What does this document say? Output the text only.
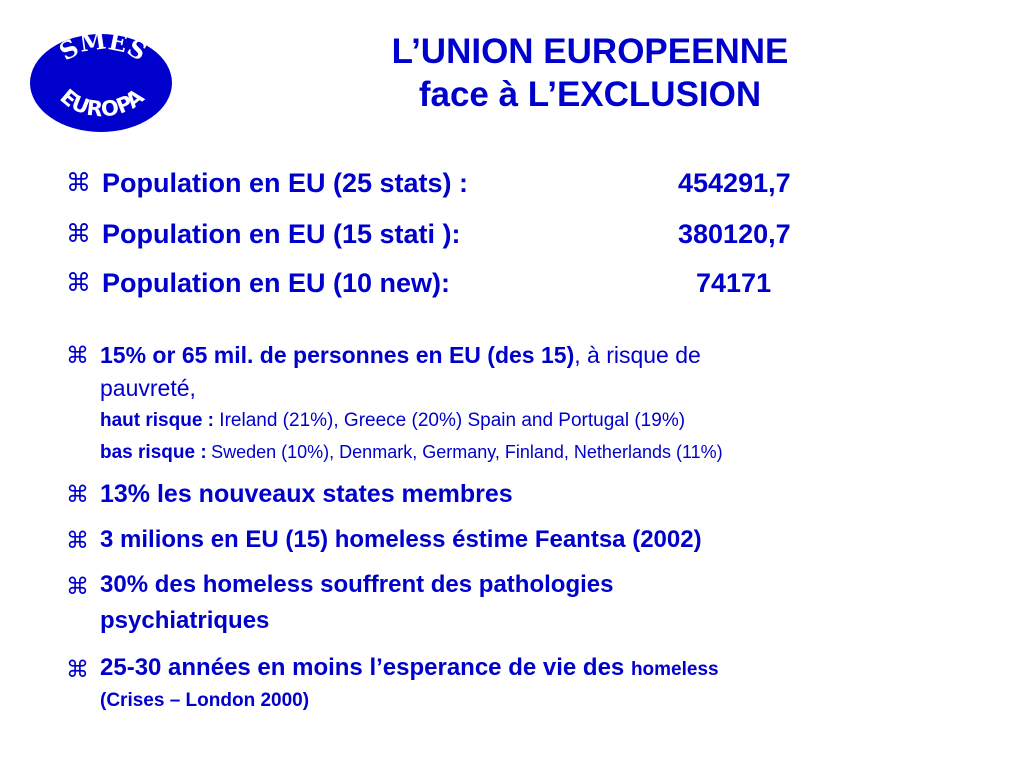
SMES
EUROPA
L’UNION EUROPEENNE
face à L’EXCLUSION
⌘ Population en EU (25 stats) :	454291,7
⌘ Population en EU (15 stati ):	380120,7
⌘ Population en EU (10 new):	74171
⌘ 15% or 65 mil. de personnes en EU (des 15), à risque de
pauvreté,
haut risque : Ireland (21%), Greece (20%) Spain and Portugal (19%)
bas risque : Sweden (10%), Denmark, Germany, Finland, Netherlands (11%)
⌘ 13% les nouveaux states membres
⌘ 3 milions en EU (15) homeless éstime Feantsa (2002)
⌘ 30% des homeless souffrent des pathologies
psychiatriques
⌘ 25-30 années en moins l’esperance de vie des homeless
(Crises – London 2000)
